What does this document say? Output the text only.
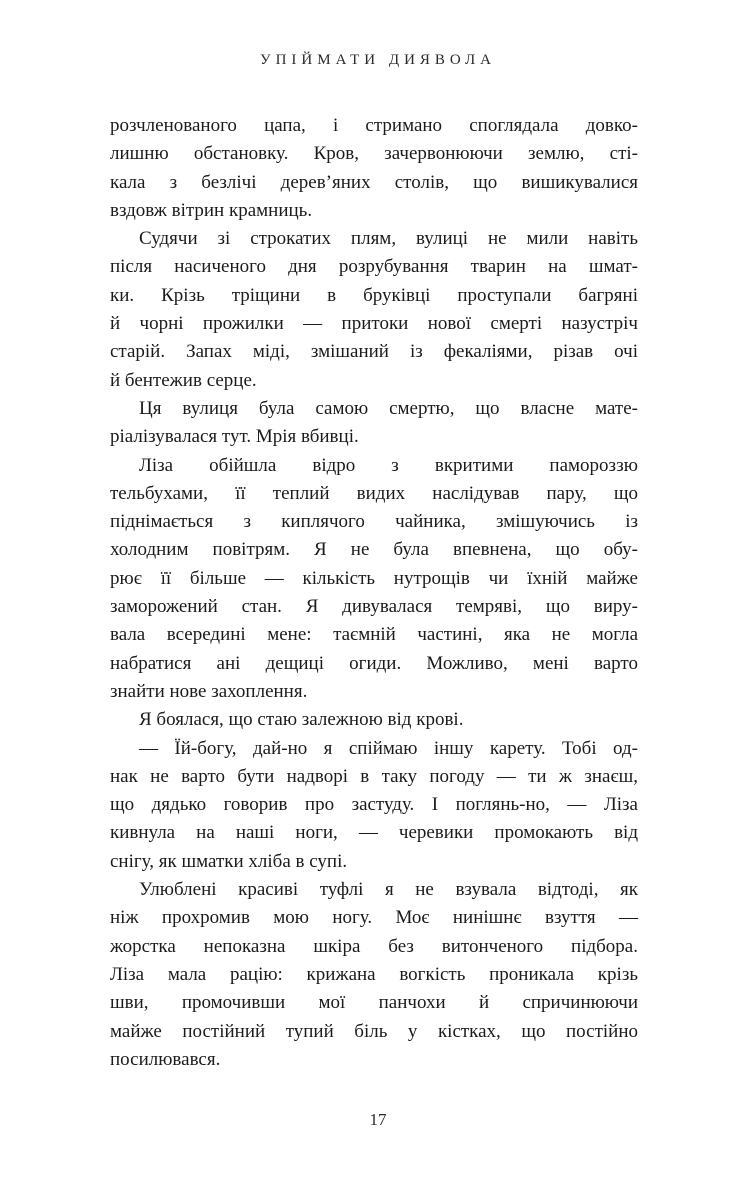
УПІЙМАТИ ДИЯВОЛА
розчленованого цапа, і стримано споглядала довко-
лишню обстановку. Кров, зачервонюючи землю, сті-
кала з безлічі дерев’яних столів, що вишикувалися
вздовж вітрин крамниць.
Судячи зі строкатих плям, вулиці не мили навіть
після насиченого дня розрубування тварин на шмат-
ки. Крізь тріщини в бруківці проступали багряні
й чорні прожилки — притоки нової смерті назустріч
старій. Запах міді, змішаний із фекаліями, різав очі
й бентежив серце.
Ця вулиця була самою смертю, що власне мате-
ріалізувалася тут. Мрія вбивці.
Ліза обійшла відро з вкритими памороззю
тельбухами, її теплий видих наслідував пару, що
піднімається з киплячого чайника, змішуючись із
холодним повітрям. Я не була впевнена, що обу-
рює її більше — кількість нутрощів чи їхній майже
заморожений стан. Я дивувалася темряві, що виру-
вала всередині мене: таємній частині, яка не могла
набратися ані дещиці огиди. Можливо, мені варто
знайти нове захоплення.
Я боялася, що стаю залежною від крові.
— Їй-богу, дай-но я спіймаю іншу карету. Тобі од-
нак не варто бути надворі в таку погоду — ти ж знаєш,
що дядько говорив про застуду. І поглянь-но, — Ліза
кивнула на наші ноги, — черевики промокають від
снігу, як шматки хліба в супі.
Улюблені красиві туфлі я не взувала відтоді, як
ніж прохромив мою ногу. Моє нинішнє взуття —
жорстка непоказна шкіра без витонченого підбора.
Ліза мала рацію: крижана вогкість проникала крізь
шви, промочивши мої панчохи й спричинюючи
майже постійний тупий біль у кістках, що постійно
посилювався.
17
